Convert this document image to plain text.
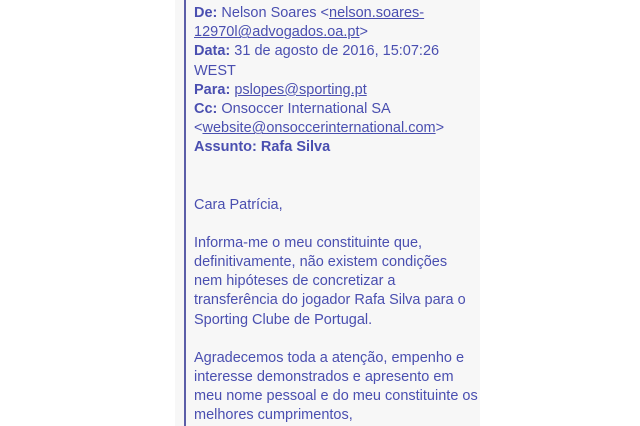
De: Nelson Soares <nelson.soares-
12970l@advogados.oa.pt>
Data: 31 de agosto de 2016, 15:07:26
WEST
Para: pslopes@sporting.pt
Cc: Onsoccer International SA
<website@onsoccerinternational.com>
Assunto: Rafa Silva
Cara Patrícia,
Informa-me o meu constituinte que,
definitivamente, não existem condições
nem hipóteses de concretizar a
transferência do jogador Rafa Silva para o
Sporting Clube de Portugal.
Agradecemos toda a atenção, empenho e
interesse demonstrados e apresento em
meu nome pessoal e do meu constituinte os
melhores cumprimentos,
